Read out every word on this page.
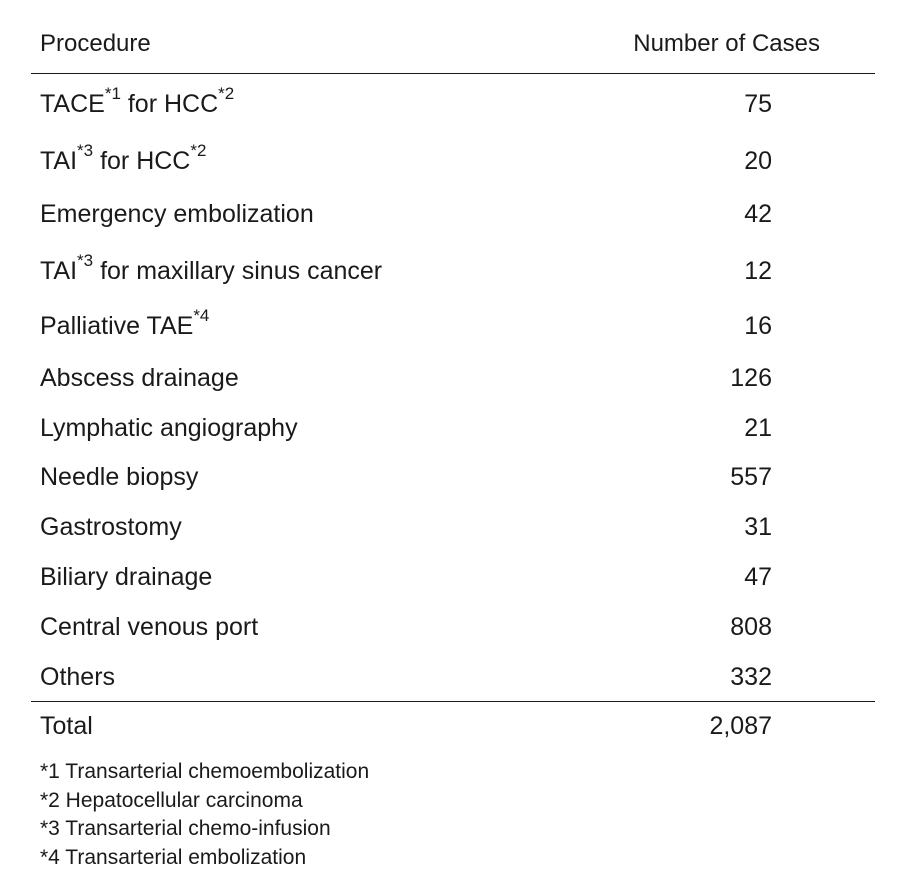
Procedure	Number of Cases
TACE$^{*1}$ for HCC$^{*2}$	75
TAI$^{*3}$ for HCC$^{*2}$	20
Emergency embolization	42
TAI$^{*3}$ for maxillary sinus cancer	12
Palliative TAE$^{*4}$	16
Abscess drainage	126
Lymphatic angiography	21
Needle biopsy	557
Gastrostomy	31
Biliary drainage	47
Central venous port	808
Others	332
Total	2,087
*1 Transarterial chemoembolization
*2 Hepatocellular carcinoma
*3 Transarterial chemo-infusion
*4 Transarterial embolization
